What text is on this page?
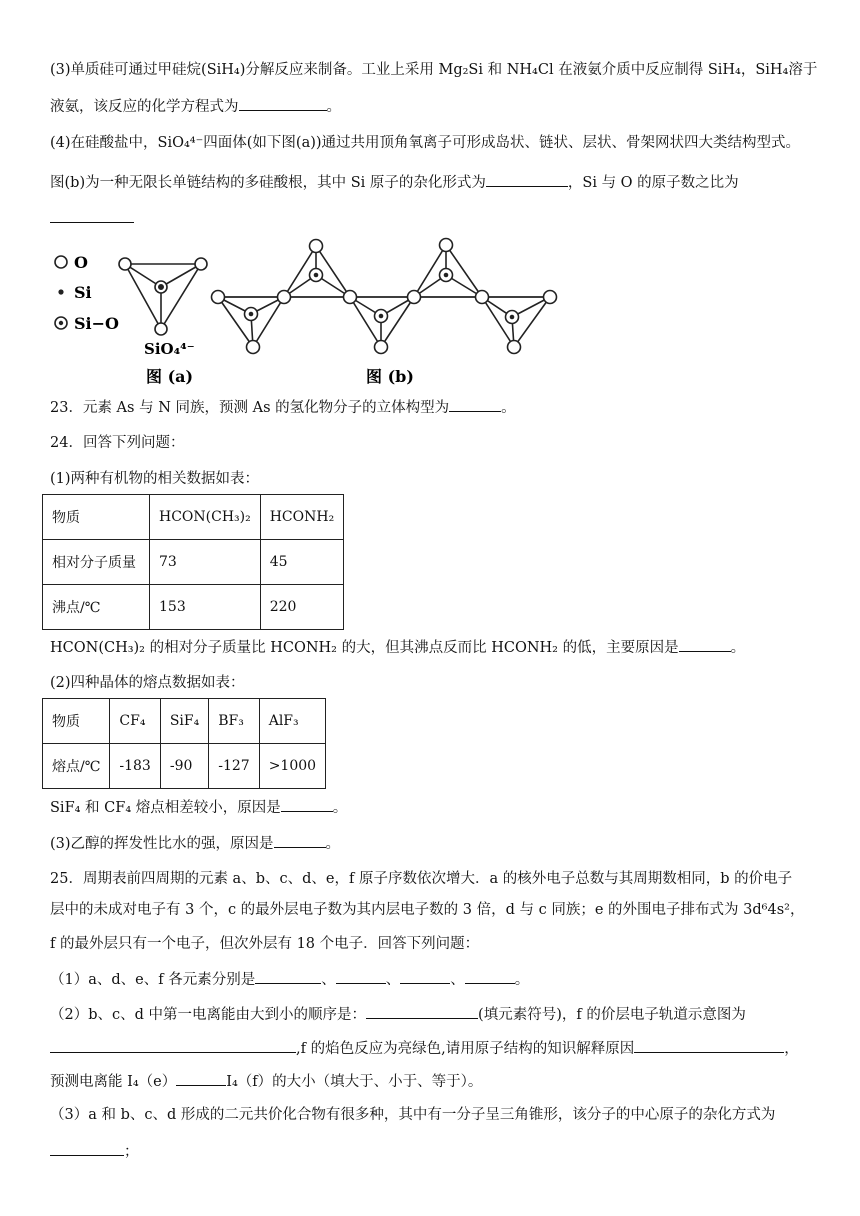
(3)单质硅可通过甲硅烷(SiH₄)分解反应来制备。工业上采用 Mg₂Si 和 NH₄Cl 在液氨介质中反应制得 SiH₄，SiH₄溶于
液氨，该反应的化学方程式为	。
(4)在硅酸盐中，SiO₄⁴⁻四面体(如下图(a))通过共用顶角氧离子可形成岛状、链状、层状、骨架网状四大类结构型式。
图(b)为一种无限长单链结构的多硅酸根，其中 Si 原子的杂化形式为	，Si 与 O 的原子数之比为
O
Si
Si−O
SiO₄⁴⁻
图 (a)	图 (b)
23．元素 As 与 N 同族，预测 As 的氢化物分子的立体构型为	。
24．回答下列问题：
(1)两种有机物的相关数据如表：
物质	HCON(CH₃)₂	HCONH₂
相对分子质量	73	45
沸点/℃	153	220
HCON(CH₃)₂ 的相对分子质量比 HCONH₂ 的大，但其沸点反而比 HCONH₂ 的低，主要原因是	。
(2)四种晶体的熔点数据如表：
物质	CF₄	SiF₄	BF₃	AlF₃
熔点/℃	-183	-90	-127	>1000
SiF₄ 和 CF₄ 熔点相差较小，原因是	。
(3)乙醇的挥发性比水的强，原因是	。
25．周期表前四周期的元素 a、b、c、d、e，f 原子序数依次增大．a 的核外电子总数与其周期数相同，b 的价电子
层中的未成对电子有 3 个，c 的最外层电子数为其内层电子数的 3 倍，d 与 c 同族；e 的外围电子排布式为 3d⁶4s²，
f 的最外层只有一个电子，但次外层有 18 个电子．回答下列问题：
（1）a、d、e、f 各元素分别是	、	、	、	。
（2）b、c、d 中第一电离能由大到小的顺序是：	(填元素符号)，f 的价层电子轨道示意图为
,f 的焰色反应为亮绿色,请用原子结构的知识解释原因	，
预测电离能 I₄（e）	I₄（f）的大小（填大于、小于、等于）。
（3）a 和 b、c、d 形成的二元共价化合物有很多种，其中有一分子呈三角锥形，该分子的中心原子的杂化方式为
；
